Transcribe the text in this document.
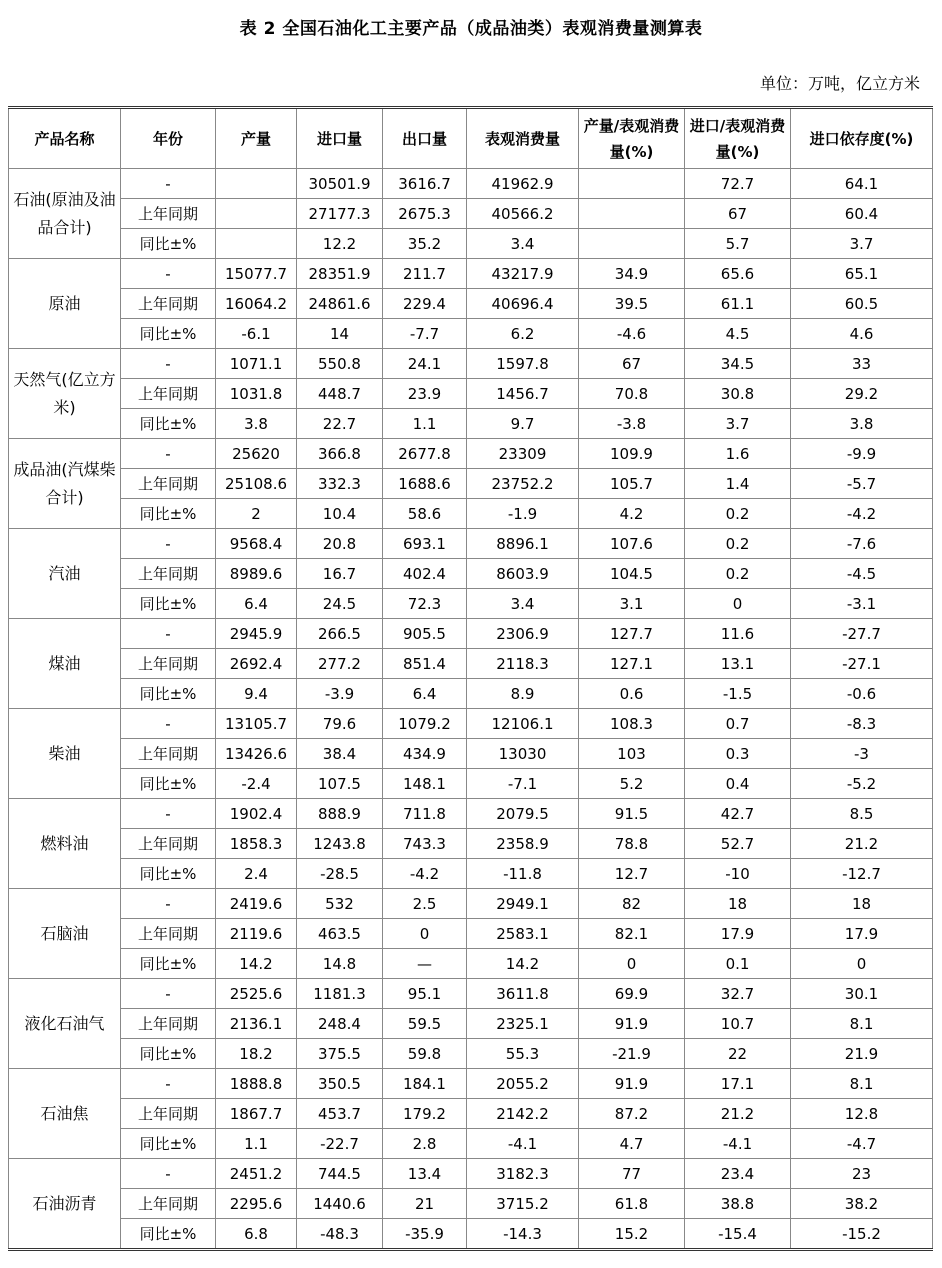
表 2 全国石油化工主要产品（成品油类）表观消费量测算表
单位：万吨，亿立方米
产品名称	年份	产量	进口量	出口量	表观消费量	产量/表观消费量(%)	进口/表观消费量(%)	进口依存度(%)
石油(原油及油品合计)	-		30501.9	3616.7	41962.9		72.7	64.1
	上年同期		27177.3	2675.3	40566.2		67	60.4
	同比±%		12.2	35.2	3.4		5.7	3.7
原油	-	15077.7	28351.9	211.7	43217.9	34.9	65.6	65.1
	上年同期	16064.2	24861.6	229.4	40696.4	39.5	61.1	60.5
	同比±%	-6.1	14	-7.7	6.2	-4.6	4.5	4.6
天然气(亿立方米)	-	1071.1	550.8	24.1	1597.8	67	34.5	33
	上年同期	1031.8	448.7	23.9	1456.7	70.8	30.8	29.2
	同比±%	3.8	22.7	1.1	9.7	-3.8	3.7	3.8
成品油(汽煤柴合计)	-	25620	366.8	2677.8	23309	109.9	1.6	-9.9
	上年同期	25108.6	332.3	1688.6	23752.2	105.7	1.4	-5.7
	同比±%	2	10.4	58.6	-1.9	4.2	0.2	-4.2
汽油	-	9568.4	20.8	693.1	8896.1	107.6	0.2	-7.6
	上年同期	8989.6	16.7	402.4	8603.9	104.5	0.2	-4.5
	同比±%	6.4	24.5	72.3	3.4	3.1	0	-3.1
煤油	-	2945.9	266.5	905.5	2306.9	127.7	11.6	-27.7
	上年同期	2692.4	277.2	851.4	2118.3	127.1	13.1	-27.1
	同比±%	9.4	-3.9	6.4	8.9	0.6	-1.5	-0.6
柴油	-	13105.7	79.6	1079.2	12106.1	108.3	0.7	-8.3
	上年同期	13426.6	38.4	434.9	13030	103	0.3	-3
	同比±%	-2.4	107.5	148.1	-7.1	5.2	0.4	-5.2
燃料油	-	1902.4	888.9	711.8	2079.5	91.5	42.7	8.5
	上年同期	1858.3	1243.8	743.3	2358.9	78.8	52.7	21.2
	同比±%	2.4	-28.5	-4.2	-11.8	12.7	-10	-12.7
石脑油	-	2419.6	532	2.5	2949.1	82	18	18
	上年同期	2119.6	463.5	0	2583.1	82.1	17.9	17.9
	同比±%	14.2	14.8	—	14.2	0	0.1	0
液化石油气	-	2525.6	1181.3	95.1	3611.8	69.9	32.7	30.1
	上年同期	2136.1	248.4	59.5	2325.1	91.9	10.7	8.1
	同比±%	18.2	375.5	59.8	55.3	-21.9	22	21.9
石油焦	-	1888.8	350.5	184.1	2055.2	91.9	17.1	8.1
	上年同期	1867.7	453.7	179.2	2142.2	87.2	21.2	12.8
	同比±%	1.1	-22.7	2.8	-4.1	4.7	-4.1	-4.7
石油沥青	-	2451.2	744.5	13.4	3182.3	77	23.4	23
	上年同期	2295.6	1440.6	21	3715.2	61.8	38.8	38.2
	同比±%	6.8	-48.3	-35.9	-14.3	15.2	-15.4	-15.2
